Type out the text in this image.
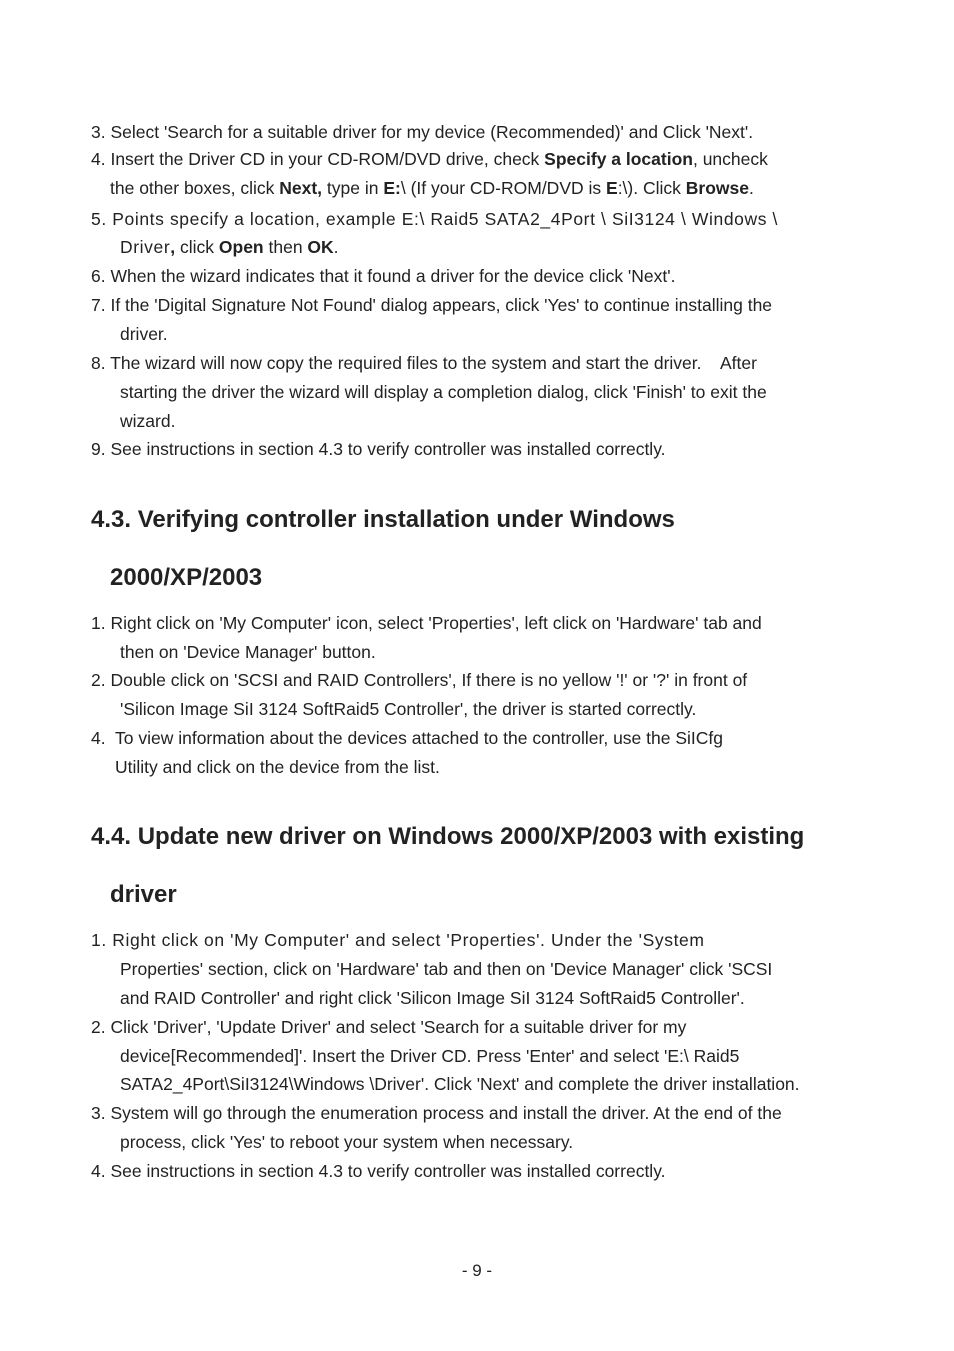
3. Select 'Search for a suitable driver for my device (Recommended)' and Click 'Next'.

4. Insert the Driver CD in your CD-ROM/DVD drive, check Specify a location, uncheck

the other boxes, click Next, type in E:\ (If your CD-ROM/DVD is E:\). Click Browse.

5. Points specify a location, example E:\ Raid5 SATA2_4Port \ SiI3124 \ Windows \

Driver, click Open then OK.

6. When the wizard indicates that it found a driver for the device click 'Next'.

7. If the 'Digital Signature Not Found' dialog appears, click 'Yes' to continue installing the

driver.

8. The wizard will now copy the required files to the system and start the driver.    After

starting the driver the wizard will display a completion dialog, click 'Finish' to exit the

wizard.

9. See instructions in section 4.3 to verify controller was installed correctly.

4.3. Verifying controller installation under Windows
2000/XP/2003

1. Right click on 'My Computer' icon, select 'Properties', left click on 'Hardware' tab and

then on 'Device Manager' button.

2. Double click on 'SCSI and RAID Controllers', If there is no yellow '!' or '?' in front of

'Silicon Image SiI 3124 SoftRaid5 Controller', the driver is started correctly.

4.  To view information about the devices attached to the controller, use the SiICfg

Utility and click on the device from the list.

4.4. Update new driver on Windows 2000/XP/2003 with existing
driver

1. Right click on 'My Computer' and select 'Properties'. Under the 'System

Properties' section, click on 'Hardware' tab and then on 'Device Manager' click 'SCSI

and RAID Controller' and right click 'Silicon Image SiI 3124 SoftRaid5 Controller'.

2. Click 'Driver', 'Update Driver' and select 'Search for a suitable driver for my

device[Recommended]'. Insert the Driver CD. Press 'Enter' and select 'E:\ Raid5

SATA2_4Port\SiI3124\Windows \Driver'. Click 'Next' and complete the driver installation.

3. System will go through the enumeration process and install the driver. At the end of the

process, click 'Yes' to reboot your system when necessary.

4. See instructions in section 4.3 to verify controller was installed correctly.

- 9 -
